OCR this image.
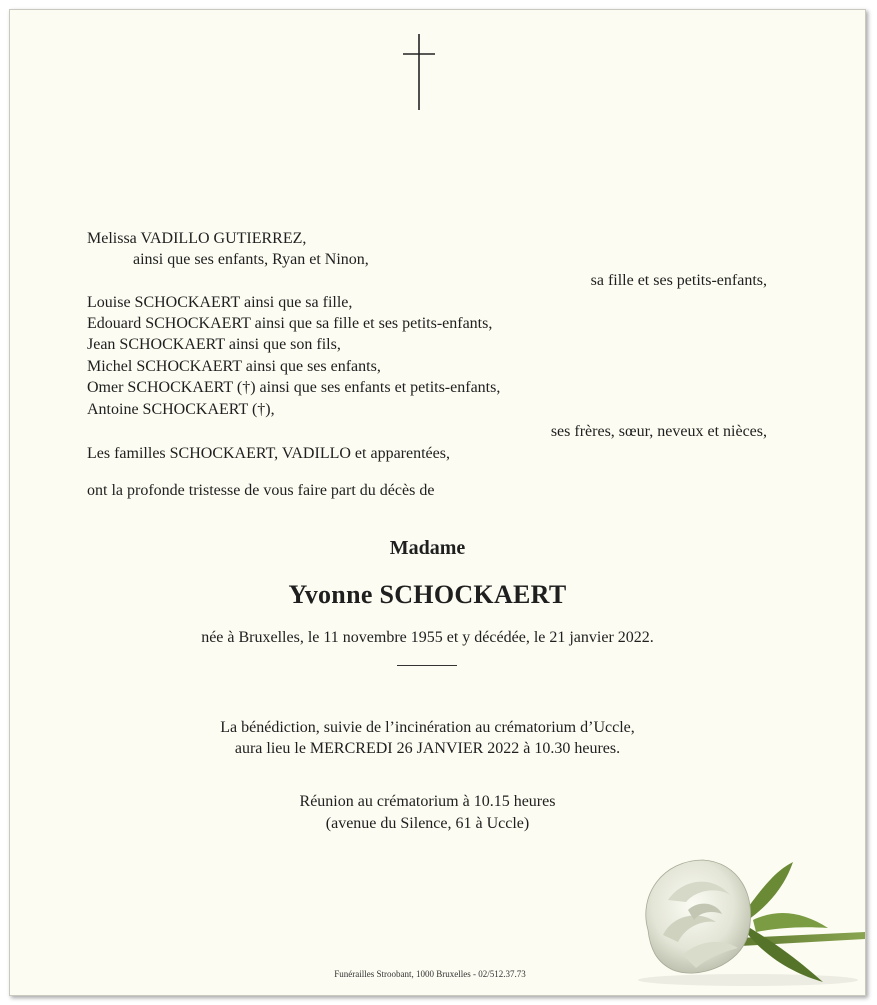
Melissa VADILLO GUTIERREZ,
ainsi que ses enfants, Ryan et Ninon,
sa fille et ses petits-enfants,
Louise SCHOCKAERT ainsi que sa fille,
Edouard SCHOCKAERT ainsi que sa fille et ses petits-enfants,
Jean SCHOCKAERT ainsi que son fils,
Michel SCHOCKAERT ainsi que ses enfants,
Omer SCHOCKAERT (†) ainsi que ses enfants et petits-enfants,
Antoine SCHOCKAERT (†),
ses frères, sœur, neveux et nièces,
Les familles SCHOCKAERT, VADILLO et apparentées,
ont la profonde tristesse de vous faire part du décès de
Madame
Yvonne SCHOCKAERT
née à Bruxelles, le 11 novembre 1955 et y décédée, le 21 janvier 2022.
La bénédiction, suivie de l’incinération au crématorium d’Uccle,
aura lieu le MERCREDI 26 JANVIER 2022 à 10.30 heures.
Réunion au crématorium à 10.15 heures
(avenue du Silence, 61 à Uccle)
Funérailles Stroobant, 1000 Bruxelles - 02/512.37.73
